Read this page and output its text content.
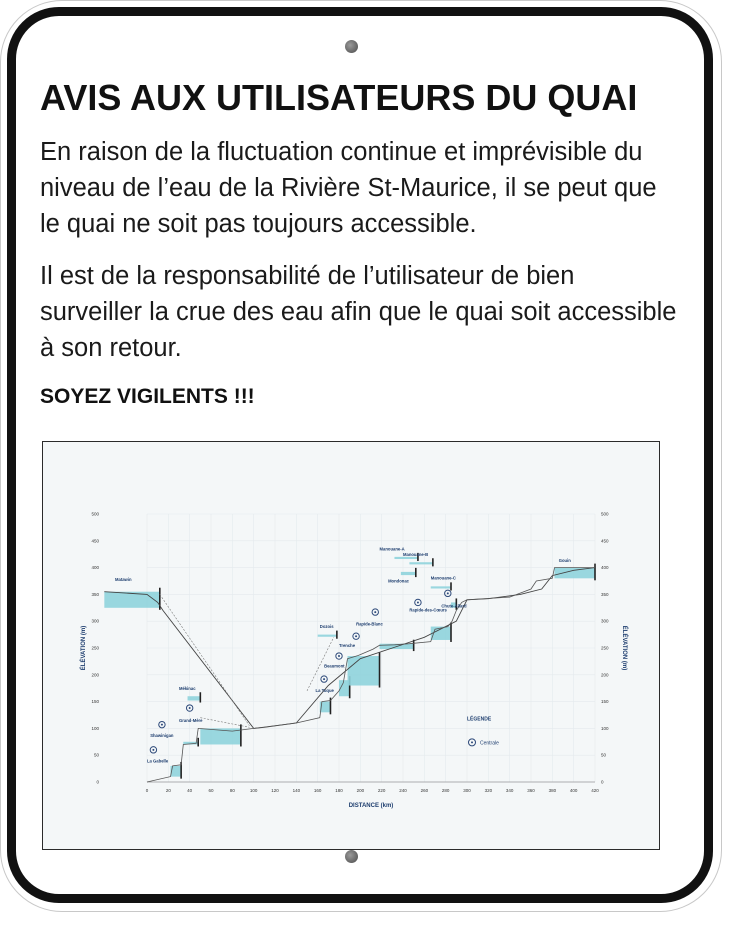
AVIS AUX UTILISATEURS DU QUAI

En raison de la fluctuation continue et imprévisible du niveau de l’eau de la Rivière St-Maurice, il se peut que le quai ne soit pas toujours accessible.

Il est de la responsabilité de l’utilisateur de bien surveiller la crue des eau afin que le quai soit accessible à son retour.

SOYEZ VIGILENTS !!!

0	20	40	60	80	100	120	140	160	180	200	220	240	260	280	300	320	340	360	380	400	420
0	0
50	50
100	100
150	150
200	200
250	250
300	300
350	350
400	400
450	450
500	500
DISTANCE (km)
ÉLÉVATION (m)	ÉLÉVATION (m)
Matawin
Mékinac
Grand-Mère
Shawinigan
La Gabelle
Dozois
Rapide-Blanc
Trenche
Beaumont
La Tuque
Manouane-A
Manouane-B
Manouane-C
Mondonac
Rapide-des-Cœurs
Chute-Allard
Gouin
LÉGENDE
Centrale
